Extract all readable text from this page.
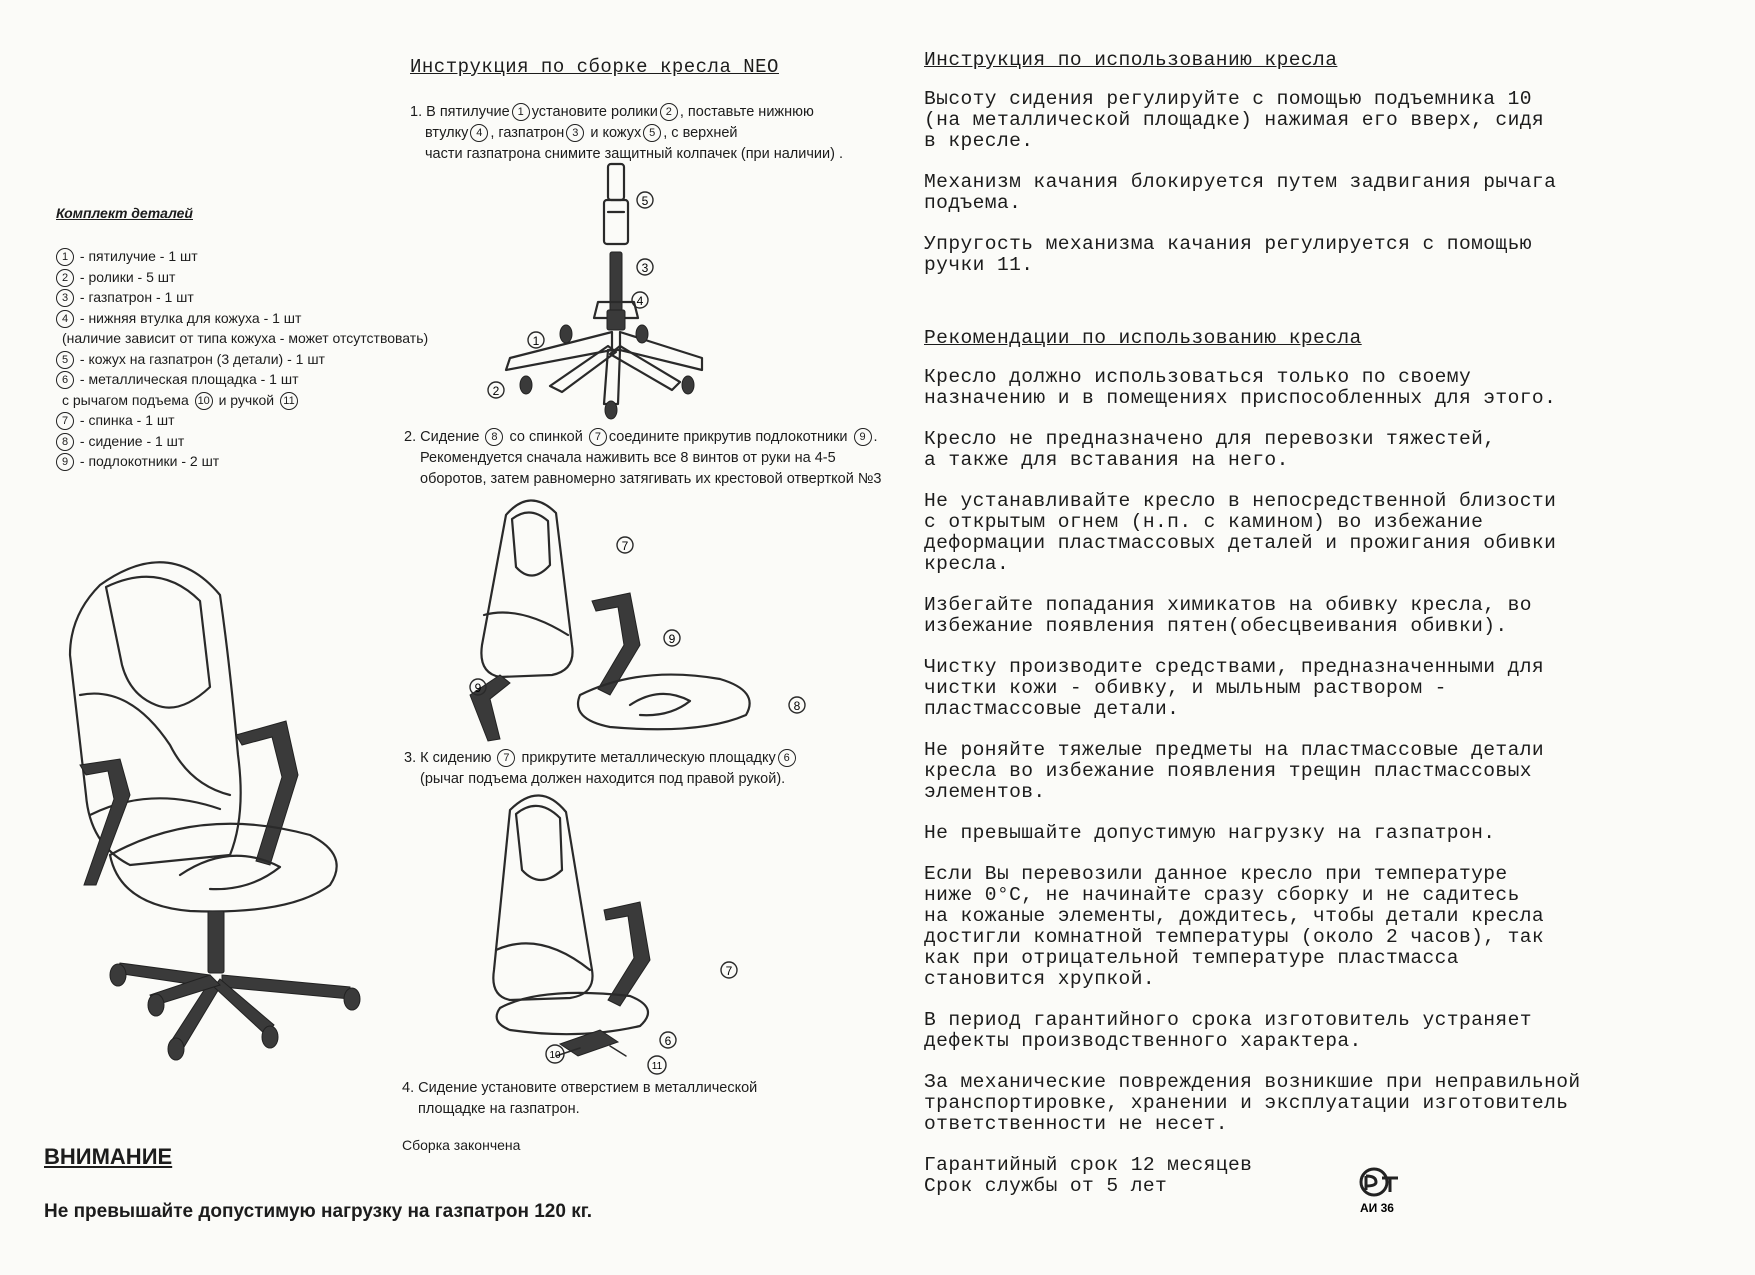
Инструкция по сборке кресла NEO
1. В пятилучие 1 установите ролики 2 , поставьте нижнюю
втулку 4 , газпатрон 3 и кожух 5 , с верхней
части газпатрона снимите защитный колпачек (при наличии) .
5
3
4
1
2
Комплект деталей
1 - пятилучие - 1 шт
2 - ролики - 5 шт
3 - газпатрон - 1 шт
4 - нижняя втулка для кожуха - 1 шт
(наличие зависит от типа кожуха - может отсутствовать)
5 - кожух на газпатрон (3 детали) - 1 шт
6 - металлическая площадка - 1 шт
с рычагом подъема 10 и ручкой 11
7 - спинка - 1 шт
8 - сидение - 1 шт
9 - подлокотники - 2 шт
2. Сидение 8 со спинкой 7 соедините прикрутив подлокотники 9 .
Рекомендуется сначала наживить все 8 винтов от руки на 4-5
оборотов, затем равномерно затягивать их крестовой отверткой №3
7
9
9
8
3. К сидению 7 прикрутите металлическую площадку 6
(рычаг подъема должен находится под правой рукой).
7
6
10
11
4. Сидение установите отверстием в металлической
площадке на газпатрон.
Сборка закончена
ВНИМАНИЕ
Не превышайте допустимую нагрузку на газпатрон 120 кг.
Инструкция по использованию кресла
Высоту сидения регулируйте с помощью подъемника 10
(на металлической площадке) нажимая его вверх, сидя
в кресле.
Механизм качания блокируется путем задвигания рычага
подъема.
Упругость механизма качания регулируется с помощью
ручки 11.
Рекомендации по использованию кресла
Кресло должно использоваться только по своему
назначению и в помещениях приспособленных для этого.
Кресло не предназначено для перевозки тяжестей,
а также для вставания на него.
Не устанавливайте кресло в непосредственной близости
с открытым огнем (н.п. с камином) во избежание
деформации пластмассовых деталей и прожигания обивки
кресла.
Избегайте попадания химикатов на обивку кресла, во
избежание появления пятен(обесцвеивания обивки).
Чистку производите средствами, предназначенными для
чистки кожи - обивку, и мыльным раствором -
пластмассовые детали.
Не роняйте тяжелые предметы на пластмассовые детали
кресла во избежание появления трещин пластмассовых
элементов.
Не превышайте допустимую нагрузку на газпатрон.
Если Вы перевозили данное кресло при температуре
ниже 0°С, не начинайте сразу сборку и не садитесь
на кожаные элементы, дождитесь, чтобы детали кресла
достигли комнатной температуры (около 2 часов), так
как при отрицательной температуре пластмасса
становится хрупкой.
В период гарантийного срока изготовитель устраняет
дефекты производственного характера.
За механические повреждения возникшие при неправильной
транспортировке, хранении и эксплуатации изготовитель
ответственности не несет.
Гарантийный срок 12 месяцев
Срок службы от 5 лет
АИ 36
